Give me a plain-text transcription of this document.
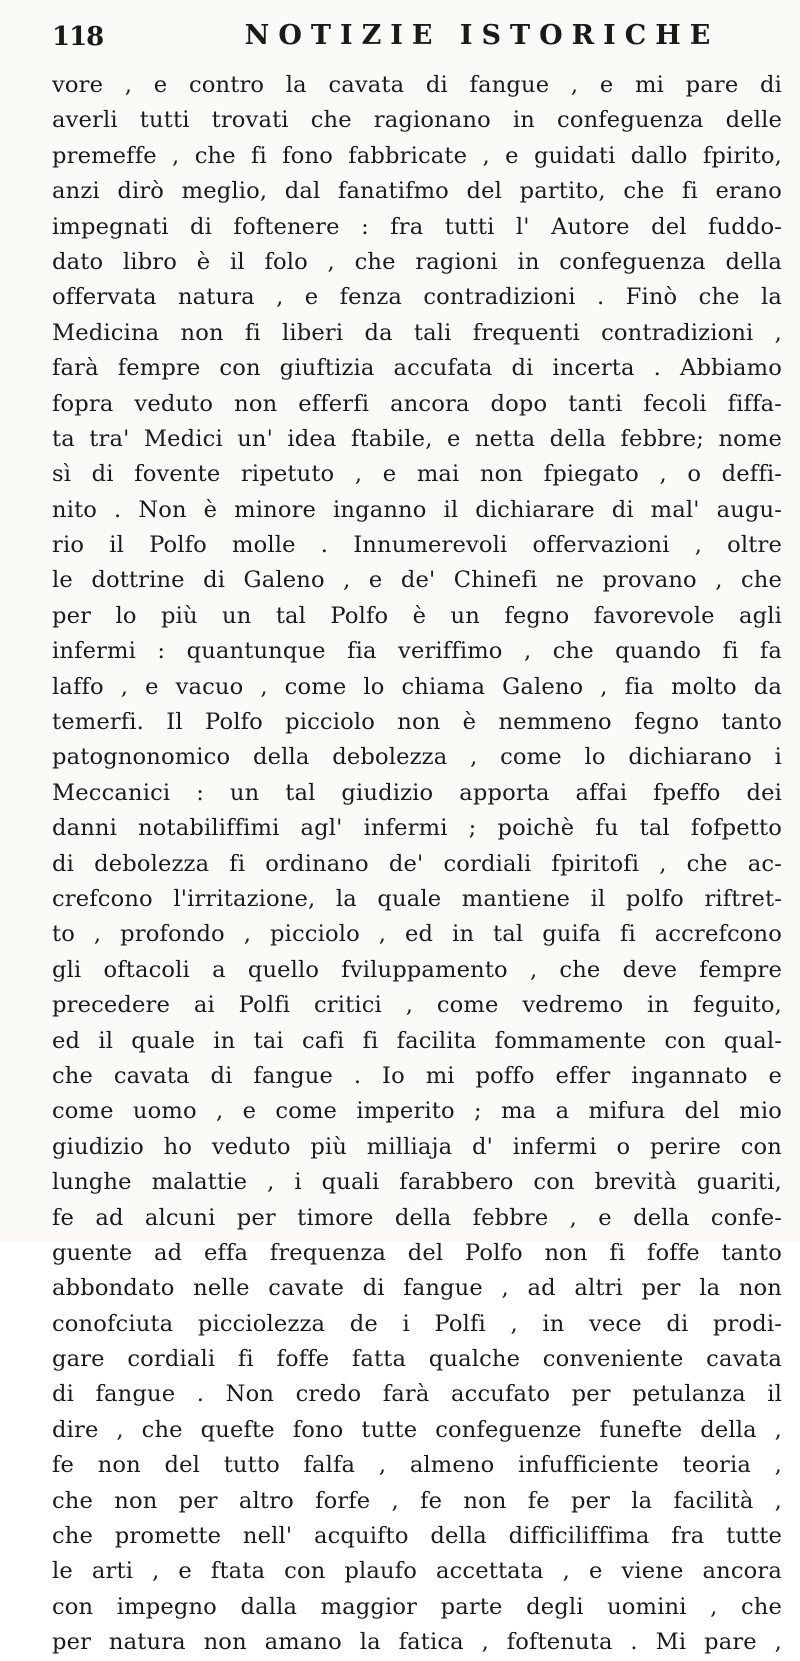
118	NOTIZIE ISTORICHE
vore , e contro la cavata di fangue , e mi pare di
averli tutti trovati che ragionano in confeguenza delle
premeffe , che fi fono fabbricate , e guidati dallo fpirito,
anzi dirò meglio, dal fanatifmo del partito, che fi erano
impegnati di foftenere : fra tutti l' Autore del fuddo-
dato libro è il folo , che ragioni in confeguenza della
offervata natura , e fenza contradizioni . Finò che la
Medicina non fi liberi da tali frequenti contradizioni ,
farà fempre con giuftizia accufata di incerta . Abbiamo
fopra veduto non efferfi ancora dopo tanti fecoli fiffa-
ta tra' Medici un' idea ftabile, e netta della febbre; nome
sì di fovente ripetuto , e mai non fpiegato , o deffi-
nito . Non è minore inganno il dichiarare di mal' augu-
rio il Polfo molle . Innumerevoli offervazioni , oltre
le dottrine di Galeno , e de' Chinefi ne provano , che
per lo più un tal Polfo è un fegno favorevole agli
infermi : quantunque fia veriffimo , che quando fi fa
laffo , e vacuo , come lo chiama Galeno , fia molto da
temerfi. Il Polfo picciolo non è nemmeno fegno tanto
patognonomico della debolezza , come lo dichiarano i
Meccanici : un tal giudizio apporta affai fpeffo dei
danni notabiliffimi agl' infermi ; poichè fu tal fofpetto
di debolezza fi ordinano de' cordiali fpiritofi , che ac-
crefcono l'irritazione, la quale mantiene il polfo riftret-
to , profondo , picciolo , ed in tal guifa fi accrefcono
gli oftacoli a quello fviluppamento , che deve fempre
precedere ai Polfi critici , come vedremo in feguito,
ed il quale in tai cafi fi facilita fommamente con qual-
che cavata di fangue . Io mi poffo effer ingannato e
come uomo , e come imperito ; ma a mifura del mio
giudizio ho veduto più milliaja d' infermi o perire con
lunghe malattie , i quali farabbero con brevità guariti,
fe ad alcuni per timore della febbre , e della confe-
guente ad effa frequenza del Polfo non fi foffe tanto
abbondato nelle cavate di fangue , ad altri per la non
conofciuta picciolezza de i Polfi , in vece di prodi-
gare cordiali fi foffe fatta qualche conveniente cavata
di fangue . Non credo farà accufato per petulanza il
dire , che quefte fono tutte confeguenze funefte della ,
fe non del tutto falfa , almeno infufficiente teoria ,
che non per altro forfe , fe non fe per la facilità ,
che promette nell' acquifto della difficiliffima fra tutte
le arti , e ftata con plaufo accettata , e viene ancora
con impegno dalla maggior parte degli uomini , che
per natura non amano la fatica , foftenuta . Mi pare ,
